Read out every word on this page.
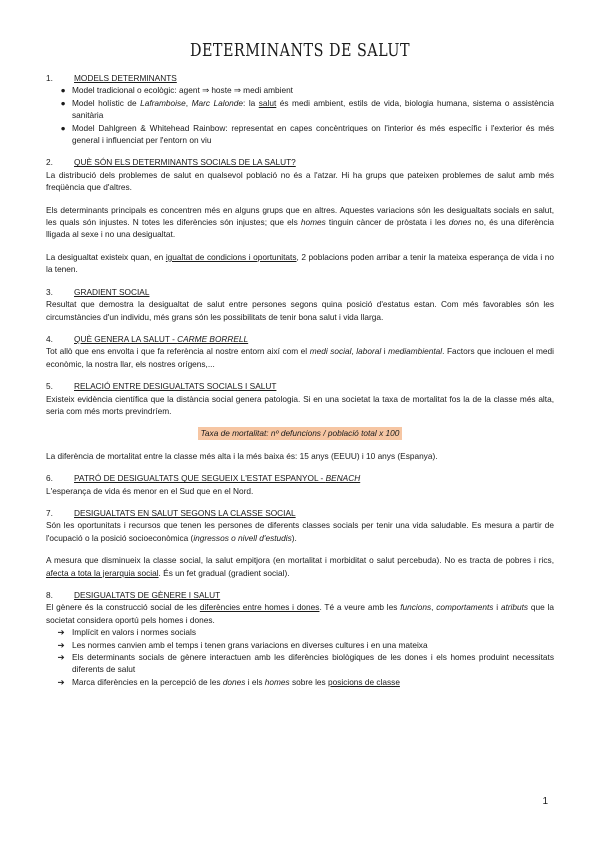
DETERMINANTS DE SALUT
1.	MODELS DETERMINANTS
● Model tradicional o ecològic: agent ⇒ hoste ⇒ medi ambient
● Model holístic de Laframboise, Marc Lalonde: la salut és medi ambient, estils de vida, biologia humana, sistema o assistència sanitària
● Model Dahlgreen & Whitehead Rainbow: representat en capes concèntriques on l'interior és més específic i l'exterior és més general i influenciat per l'entorn on viu
2.	QUÈ SÓN ELS DETERMINANTS SOCIALS DE LA SALUT?

La distribució dels problemes de salut en qualsevol població no és a l'atzar. Hi ha grups que pateixen problemes de salut amb més freqüència que d'altres.

Els determinants principals es concentren més en alguns grups que en altres. Aquestes variacions són les desigualtats socials en salut, les quals són injustes. N totes les diferències són injustes; que els homes tinguin càncer de pròstata i les dones no, és una diferència lligada al sexe i no una desigualtat.

La desigualtat existeix quan, en igualtat de condicions i oportunitats, 2 poblacions poden arribar a tenir la mateixa esperança de vida i no la tenen.

3.	GRADIENT SOCIAL

Resultat que demostra la desigualtat de salut entre persones segons quina posició d'estatus estan. Com més favorables són les circumstàncies d'un individu, més grans són les possibilitats de tenir bona salut i vida llarga.

4.	QUÈ GENERA LA SALUT - CARME BORRELL

Tot allò que ens envolta i que fa referència al nostre entorn així com el medi social, laboral i mediambiental. Factors que inclouen el medi econòmic, la nostra llar, els nostres orígens,...

5.	RELACIÓ ENTRE DESIGUALTATS SOCIALS I SALUT

Existeix evidència científica que la distància social genera patologia. Si en una societat la taxa de mortalitat fos la de la classe més alta, seria com més morts previndríem.

Taxa de mortalitat: nº defuncions / població total x 100

La diferència de mortalitat entre la classe més alta i la més baixa és: 15 anys (EEUU) i 10 anys (Espanya).

6.	PATRÓ DE DESIGUALTATS QUE SEGUEIX L'ESTAT ESPANYOL - BENACH

L'esperança de vida és menor en el Sud que en el Nord.

7.	DESIGUALTATS EN SALUT SEGONS LA CLASSE SOCIAL

Són les oportunitats i recursos que tenen les persones de diferents classes socials per tenir una vida saludable. Es mesura a partir de l'ocupació o la posició socioeconòmica (ingressos o nivell d'estudis).

A mesura que disminueix la classe social, la salut empitjora (en mortalitat i morbiditat o salut percebuda). No es tracta de pobres i rics, afecta a tota la jerarquia social. És un fet gradual (gradient social).

8.	DESIGUALTATS DE GÈNERE I SALUT

El gènere és la construcció social de les diferències entre homes i dones. Té a veure amb les funcions, comportaments i atributs que la societat considera oportú pels homes i dones.

➔ Implícit en valors i normes socials
➔ Les normes canvien amb el temps i tenen grans variacions en diverses cultures i en una mateixa
➔ Els determinants socials de gènere interactuen amb les diferències biològiques de les dones i els homes produint necessitats diferents de salut
➔ Marca diferències en la percepció de les dones i els homes sobre les posicions de classe
1
